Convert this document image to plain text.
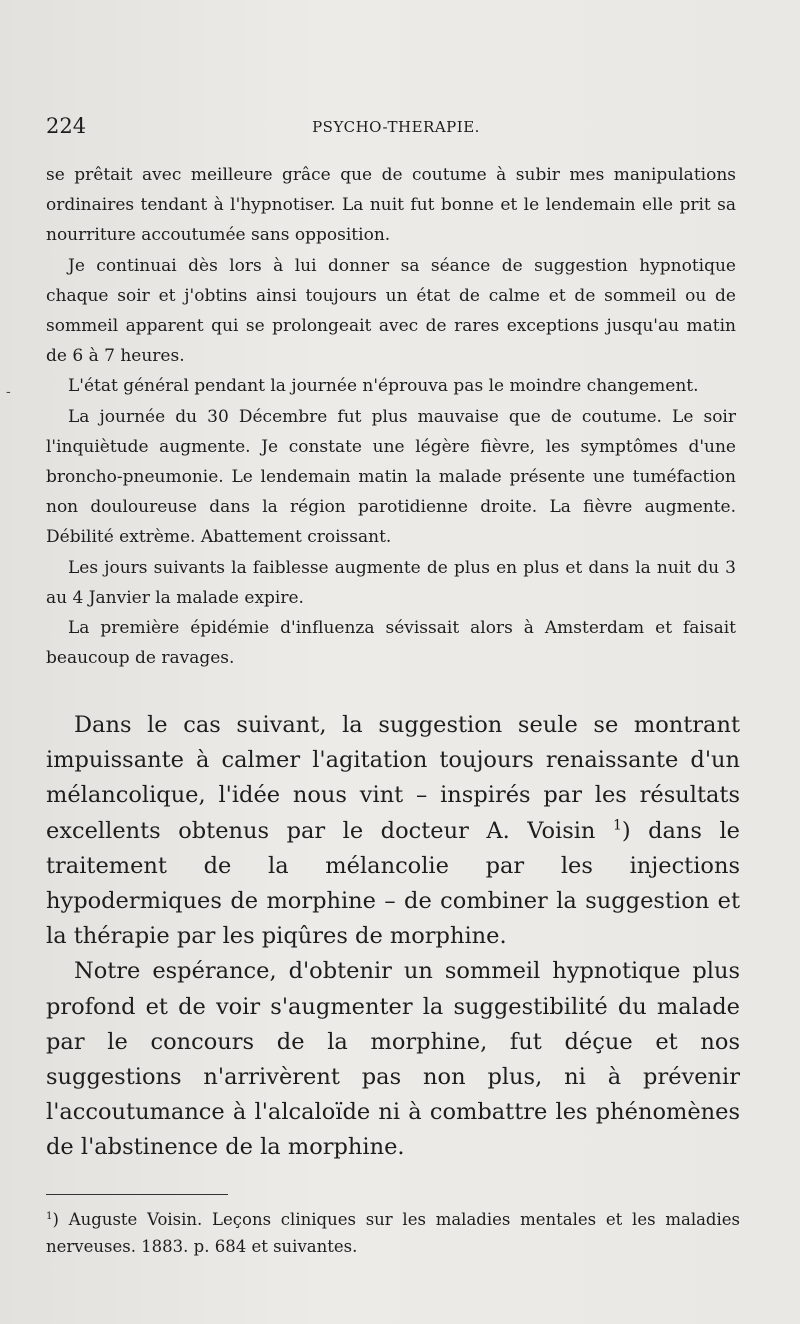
224	PSYCHO-THERAPIE.
-

se prêtait avec meilleure grâce que de coutume à subir mes manipulations ordinaires tendant à l'hypnotiser. La nuit fut bonne et le lendemain elle prit sa nourriture accoutumée sans opposition.

Je continuai dès lors à lui donner sa séance de suggestion hypnotique chaque soir et j'obtins ainsi toujours un état de calme et de sommeil ou de sommeil apparent qui se prolongeait avec de rares exceptions jusqu'au matin de 6 à 7 heures.

L'état général pendant la journée n'éprouva pas le moindre changement.

La journée du 30 Décembre fut plus mauvaise que de coutume. Le soir l'inquiètude augmente. Je constate une légère fièvre, les symptômes d'une broncho-pneumonie. Le lendemain matin la malade présente une tuméfaction non douloureuse dans la région parotidienne droite. La fièvre augmente. Débilité extrème. Abattement croissant.

Les jours suivants la faiblesse augmente de plus en plus et dans la nuit du 3 au 4 Janvier la malade expire.

La première épidémie d'influenza sévissait alors à Amsterdam et faisait beaucoup de ravages.

Dans le cas suivant, la suggestion seule se montrant impuissante à calmer l'agitation toujours renaissante d'un mélancolique, l'idée nous vint – inspirés par les résultats excellents obtenus par le docteur A. Voisin $^1$) dans le traitement de la mélancolie par les injections hypodermiques de morphine – de combiner la suggestion et la thérapie par les piqûres de morphine.

Notre espérance, d'obtenir un sommeil hypnotique plus profond et de voir s'augmenter la suggestibilité du malade par le concours de la morphine, fut déçue et nos suggestions n'arrivèrent pas non plus, ni à prévenir l'accoutumance à l'alcaloïde ni à combattre les phénomènes de l'abstinence de la morphine.

$^1$) Auguste Voisin. Leçons cliniques sur les maladies mentales et les maladies nerveuses. 1883. p. 684 et suivantes.
